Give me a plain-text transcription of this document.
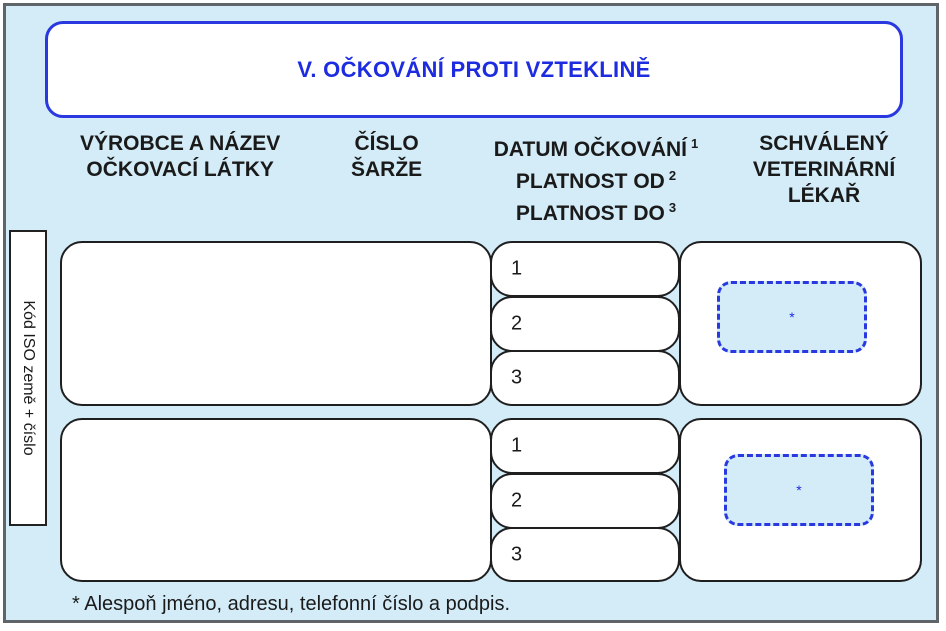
V. OČKOVÁNÍ PROTI VZTEKLINĚ
VÝROBCE A NÁZEV
OČKOVACÍ LÁTKY
ČÍSLO
ŠARŽE
DATUM OČKOVÁNÍ $^1$
PLATNOST OD $^2$
PLATNOST DO $^3$
SCHVÁLENÝ
VETERINÁRNÍ
LÉKAŘ
Kód ISO země + číslo
1
2
3
*
1
2
3
*
* Alespoň jméno, adresu, telefonní číslo a podpis.
